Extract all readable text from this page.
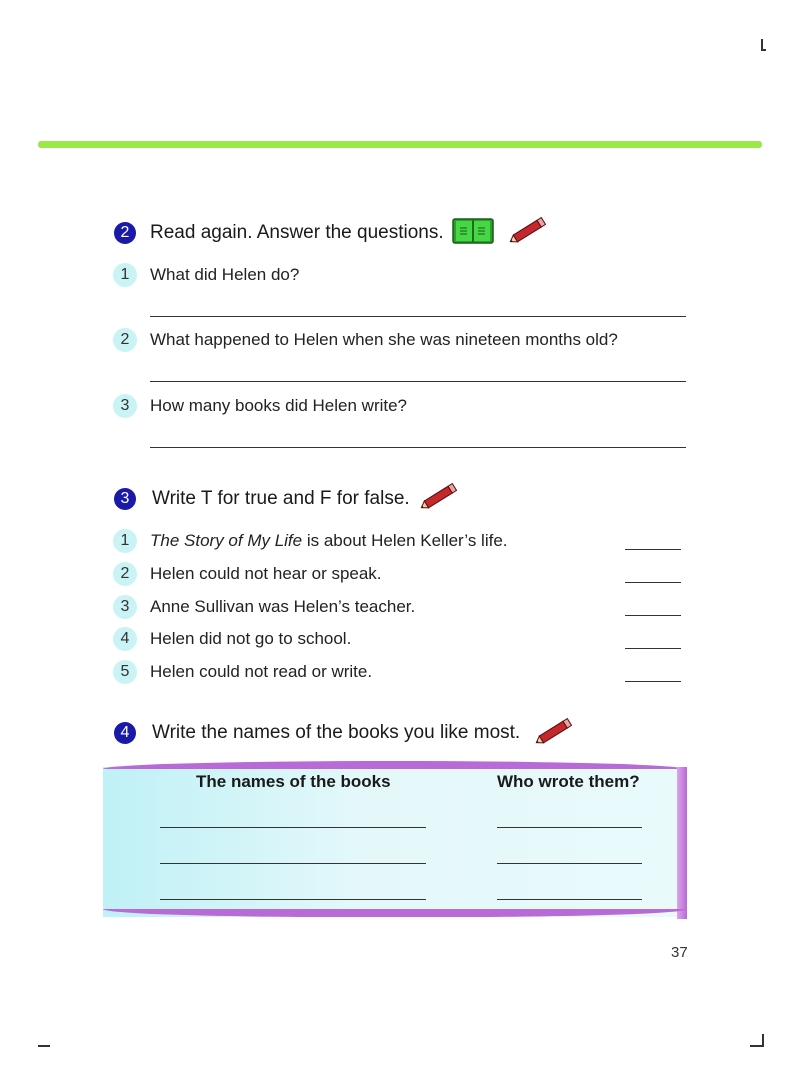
2	Read again. Answer the questions.
1	What did Helen do?
2	What happened to Helen when she was nineteen months old?
3	How many books did Helen write?
3	Write T for true and F for false.
1	The Story of My Life is about Helen Keller’s life.
2	Helen could not hear or speak.
3	Anne Sullivan was Helen’s teacher.
4	Helen did not go to school.
5	Helen could not read or write.
4	Write the names of the books you like most.
The names of the books	Who wrote them?
37
